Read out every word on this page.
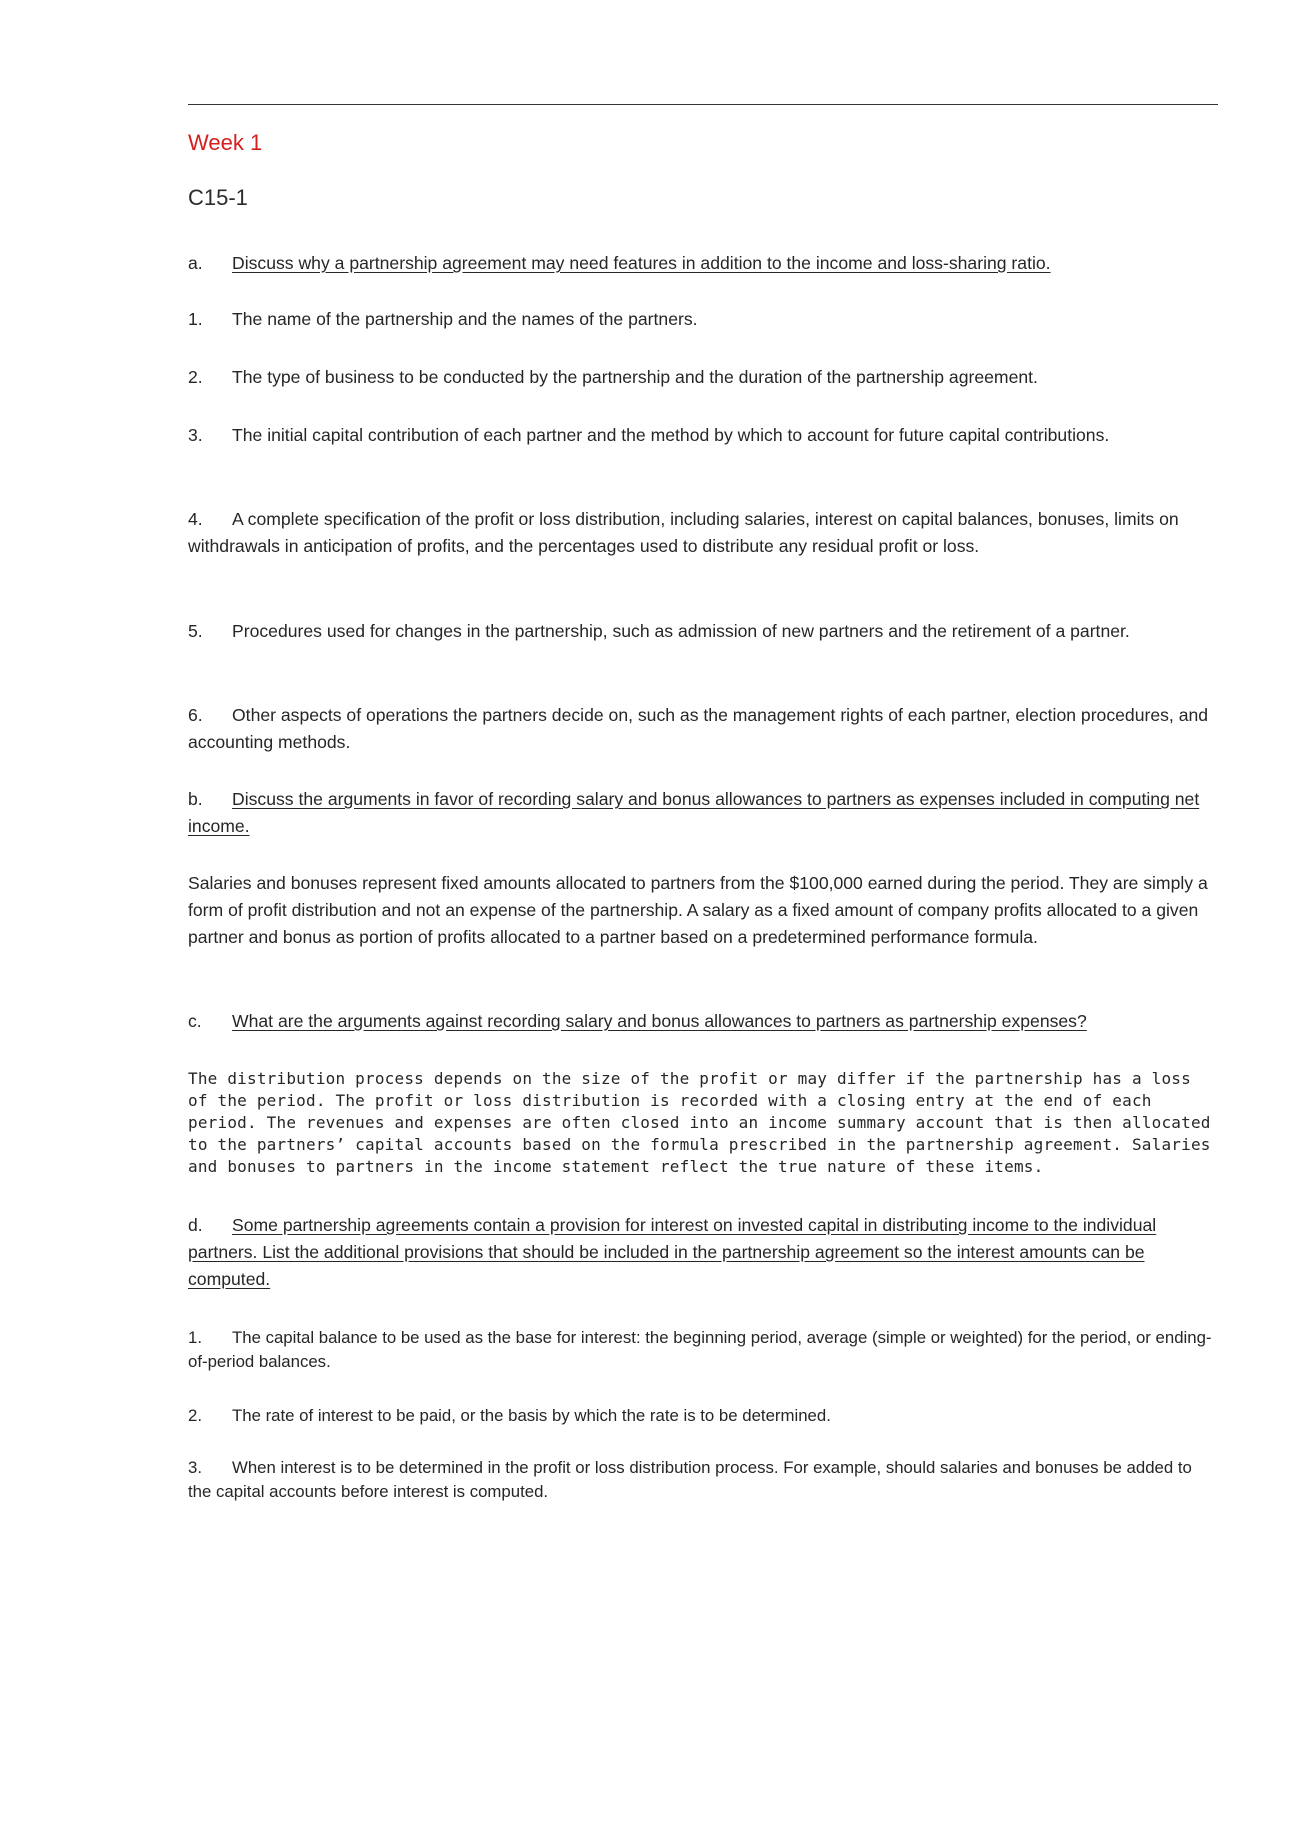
Week 1
C15-1
a. Discuss why a partnership agreement may need features in addition to the income and loss-sharing ratio.
1. The name of the partnership and the names of the partners.
2. The type of business to be conducted by the partnership and the duration of the partnership agreement.
3. The initial capital contribution of each partner and the method by which to account for future capital contributions.
4. A complete specification of the profit or loss distribution, including salaries, interest on capital balances, bonuses, limits on withdrawals in anticipation of profits, and the percentages used to distribute any residual profit or loss.
5. Procedures used for changes in the partnership, such as admission of new partners and the retirement of a partner.
6. Other aspects of operations the partners decide on, such as the management rights of each partner, election procedures, and accounting methods.
b. Discuss the arguments in favor of recording salary and bonus allowances to partners as expenses included in computing net income.
Salaries and bonuses represent fixed amounts allocated to partners from the $100,000 earned during the period. They are simply a form of profit distribution and not an expense of the partnership. A salary as a fixed amount of company profits allocated to a given partner and bonus as portion of profits allocated to a partner based on a predetermined performance formula.
c. What are the arguments against recording salary and bonus allowances to partners as partnership expenses?
The distribution process depends on the size of the profit or may differ if the partnership has a loss of the period. The profit or loss distribution is recorded with a closing entry at the end of each period. The revenues and expenses are often closed into an income summary account that is then allocated to the partners’ capital accounts based on the formula prescribed in the partnership agreement. Salaries and bonuses to partners in the income statement reflect the true nature of these items.
d. Some partnership agreements contain a provision for interest on invested capital in distributing income to the individual partners. List the additional provisions that should be included in the partnership agreement so the interest amounts can be computed.
1. The capital balance to be used as the base for interest: the beginning period, average (simple or weighted) for the period, or ending-of-period balances.
2. The rate of interest to be paid, or the basis by which the rate is to be determined.
3. When interest is to be determined in the profit or loss distribution process. For example, should salaries and bonuses be added to the capital accounts before interest is computed.
